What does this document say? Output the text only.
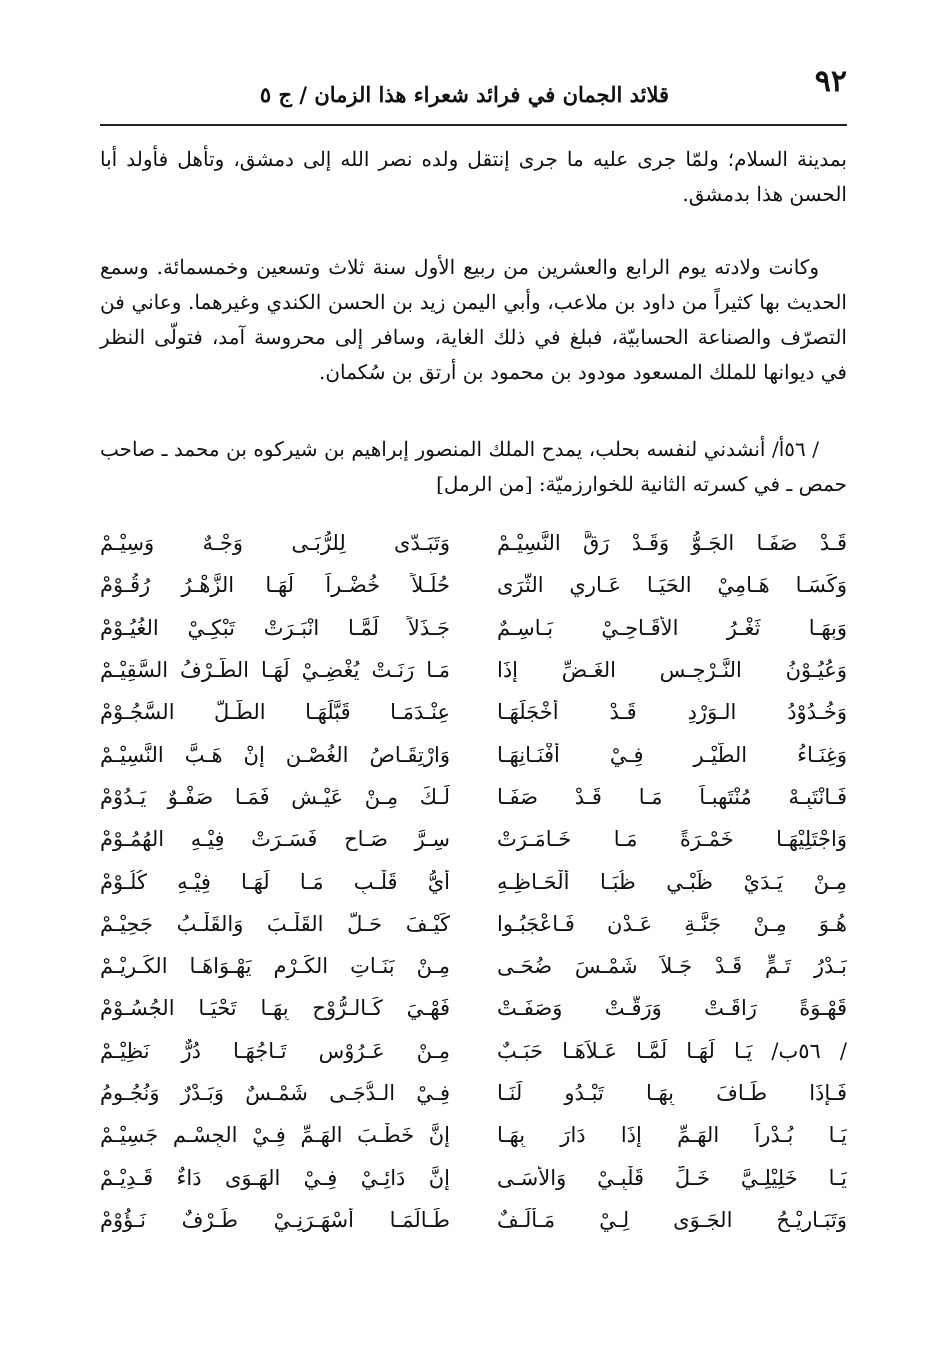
٩٢
قلائد الجمان في فرائد شعراء هذا الزمان / ج ٥

بمدينة السلام؛ ولمّا جرى عليه ما جرى إنتقل ولده نصر الله إلى دمشق، وتأهل فأولد أبا

الحسن هذا بدمشق.

وكانت ولادته يوم الرابع والعشرين من ربيع الأول سنة ثلاث وتسعين وخمسمائة. وسمع الحديث بها كثيراً من داود بن ملاعب، وأبي اليمن زيد بن الحسن الكندي وغيرهما. وعاني فن التصرّف والصناعة الحسابيّة، فبلغ في ذلك الغاية، وسافر إلى محروسة آمد، فتولّى النظر في ديوانها للملك المسعود مودود بن محمود بن أرتق بن سُكمان.

/ ٥٦أ/ أنشدني لنفسه بحلب، يمدح الملك المنصور إبراهيم بن شيركوه بن محمد ـ صاحب حمص ـ في كسرته الثانية للخوارزميّة: [من الرمل]

قَـدْ صَفَـا الجَـوُّ وَقَـدْ رَقَّ النَّسِيْـمْ
وَتَبَـدّى لِلرُّبَـى وَجْـهٌ وَسِيْـمْ
وَكَسَـا هَـامِيْ الحَيَـا عَـارِي الثَّرَى
حُلَـلاً خُضْـراً لَهَـا الزَّهْـرُ رُقُـوْمْ
وَبِهَـا ثَغْـرُ الأَقَـاحِـيْ بَـاسِـمٌ
جَـذَلاً لَمَّـا انْبَـرَتْ تَبْكِـيْ الغُيُـوْمْ
وَعُيُـوْنُ النَّـرْجِـسِ الغَـضِّ إِذَا
مَـا رَنَـتْ يُغْضِـيْ لَهَـا الطَّـرْفُ السَّقِيْـمْ
وَخُـدُوْدُ الـوَرْدِ قَـدْ أَخْجَلَهَـا
عِنْـدَمَـا قَبَّلَهَـا الطَّـلُّ السَّجُـوْمْ
وَغِنَـاءُ الطَّيْـرِ فِـيْ أَفْنَـانِهَـا
وَارْتِقَـاصُ الغُصْـنِ إِنْ هَـبَّ النَّسِيْـمْ
فَـانْتَبِـهْ مُنْتَهِبـاً مَـا قَـدْ صَفَـا
لَـكَ مِـنْ عَيْـشٍ فَمَـا صَفْـوٌ يَـدُوْمْ
وَاجْتَلِيْهَـا خَمْـرَةً مَـا خَـامَـرَتْ
سِـرَّ صَـاحٍ فَسَـرَتْ فِيْـهِ الهُمُـوْمْ
مِـنْ يَـدَيْ ظَبْـيٍ ظُبَـا أَلْحَـاظِـهِ
أَيُّ قَلْـبٍ مَـا لَهَـا فِيْـهِ كُلُـوْمْ
هُـوَ مِـنْ جَنَّـةِ عَـدْنٍ فَـاعْجَبُـوا
كَيْـفَ حَـلَّ القَلْـبَ وَالقَلْـبُ جَحِيْـمْ
بَـدْرُ تَـمٍّ قَـدْ جَـلاَ شَمْـسَ ضُحَـى
مِـنْ بَنَـاتِ الكَـرْمِ يَهْـوَاهَـا الكَـرِيْـمْ
قَهْـوَةً رَاقَـتْ وَرَقَّـتْ وَصَفَـتْ
فَهْـيَ كَـالـرُّوْحِ بِهَـا تَحْيَـا الجُسُـوْمْ
/ ٥٦ب/ يَـا لَهَـا لَمَّـا عَـلاَهَـا حَبَـبٌ
مِـنْ عَـرُوْسٍ تَـاجُهَـا دُرٌّ نَظِيْـمْ
فَـإِذَا طَـافَ بِهَـا تَبْـدُو لَنَـا
فِـيْ الـدُّجَـى شَمْـسٌ وَبَـدْرٌ وَنُجُـومُ
يَـا بُـدْراً الهَـمِّ إِذَا دَارَ بِهَـا
إِنَّ خَطْـبَ الهَـمِّ فِـيْ الجِسْـمِ جَسِيْـمْ
يَـا خَلِيْلِـيَّ خَـلِّ قَلْبِـيْ وَالأَسَـى
إِنَّ دَائِـيْ فِـيْ الهَـوَى دَاءٌ قَـدِيْـمْ
وَتَبَـارِيْـحُ الجَـوَى لِـيْ مَـأْلَـفٌ
طَـالَمَـا أَسْهَـرَنِـيْ طَـرْفٌ نَـؤُوْمْ
